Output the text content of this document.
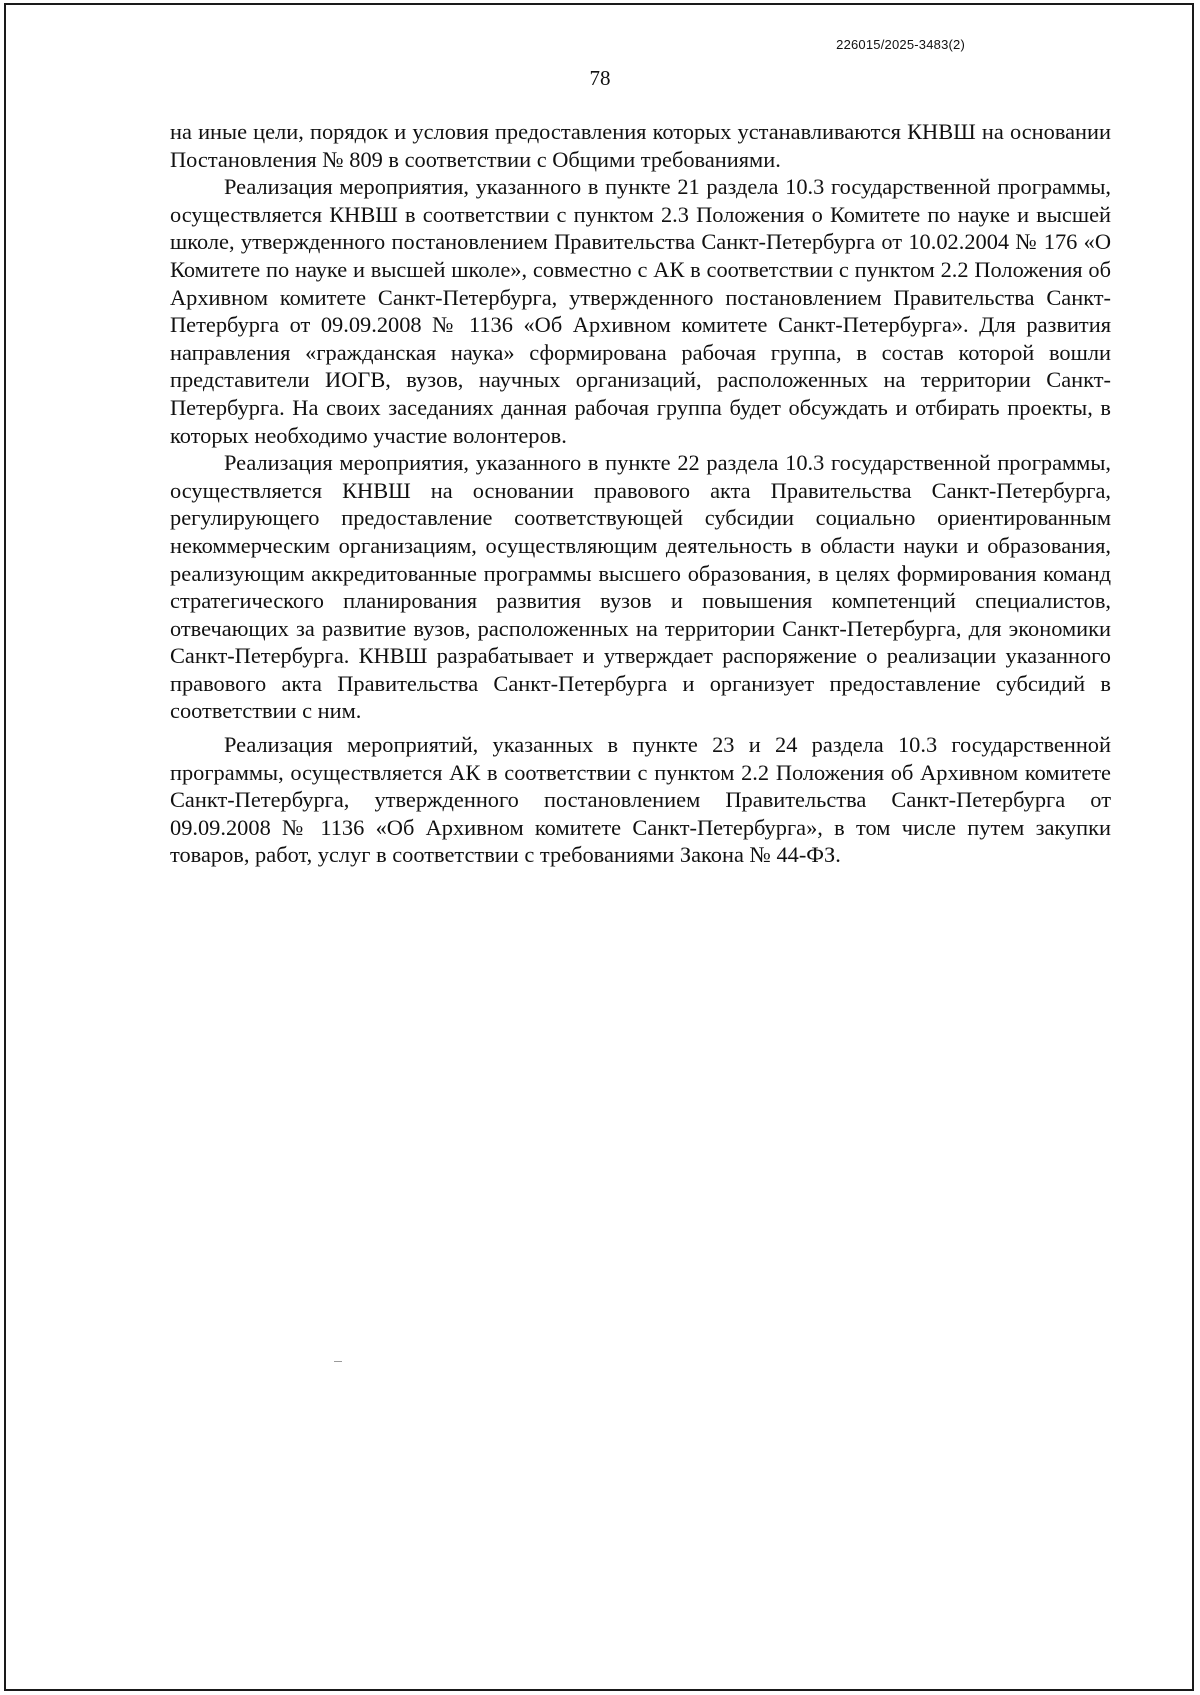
226015/2025-3483(2)
78

на иные цели, порядок и условия предоставления которых устанавливаются КНВШ на основании Постановления № 809 в соответствии с Общими требованиями.

Реализация мероприятия, указанного в пункте 21 раздела 10.3 государственной программы, осуществляется КНВШ в соответствии с пунктом 2.3 Положения о Комитете по науке и высшей школе, утвержденного постановлением Правительства Санкт-Петербурга от 10.02.2004 № 176 «О Комитете по науке и высшей школе», совместно с АК в соответствии с пунктом 2.2 Положения об Архивном комитете Санкт-Петербурга, утвержденного постановлением Правительства Санкт-Петербурга от 09.09.2008 № 1136 «Об Архивном комитете Санкт-Петербурга». Для развития направления «гражданская наука» сформирована рабочая группа, в состав которой вошли представители ИОГВ, вузов, научных организаций, расположенных на территории Санкт-Петербурга. На своих заседаниях данная рабочая группа будет обсуждать и отбирать проекты, в которых необходимо участие волонтеров.

Реализация мероприятия, указанного в пункте 22 раздела 10.3 государственной программы, осуществляется КНВШ на основании правового акта Правительства Санкт-Петербурга, регулирующего предоставление соответствующей субсидии социально ориентированным некоммерческим организациям, осуществляющим деятельность в области науки и образования, реализующим аккредитованные программы высшего образования, в целях формирования команд стратегического планирования развития вузов и повышения компетенций специалистов, отвечающих за развитие вузов, расположенных на территории Санкт-Петербурга, для экономики Санкт-Петербурга. КНВШ разрабатывает и утверждает распоряжение о реализации указанного правового акта Правительства Санкт-Петербурга и организует предоставление субсидий в соответствии с ним.

Реализация мероприятий, указанных в пункте 23 и 24 раздела 10.3 государственной программы, осуществляется АК в соответствии с пунктом 2.2 Положения об Архивном комитете Санкт-Петербурга, утвержденного постановлением Правительства Санкт-Петербурга от 09.09.2008 № 1136 «Об Архивном комитете Санкт-Петербурга», в том числе путем закупки товаров, работ, услуг в соответствии с требованиями Закона № 44-ФЗ.
